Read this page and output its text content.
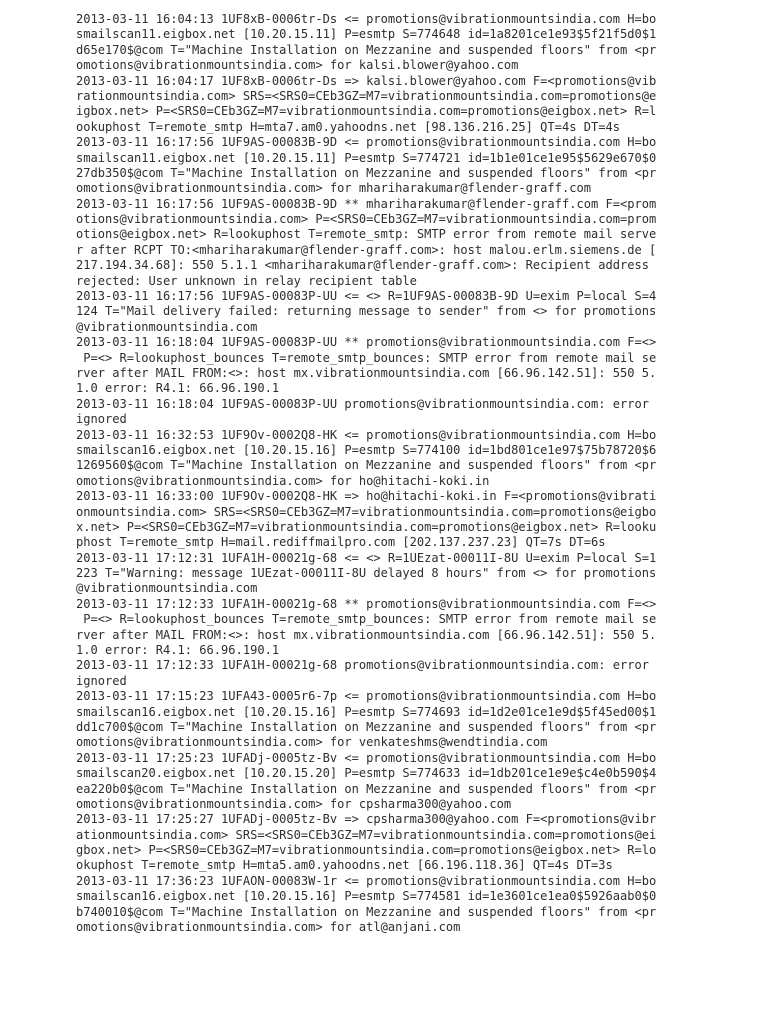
2013-03-11 16:04:13 1UF8xB-0006tr-Ds <= promotions@vibrationmountsindia.com H=bo
smailscan11.eigbox.net [10.20.15.11] P=esmtp S=774648 id=1a8201ce1e93$5f21f5d0$1
d65e170$@com T="Machine Installation on Mezzanine and suspended floors" from <pr
omotions@vibrationmountsindia.com> for kalsi.blower@yahoo.com
2013-03-11 16:04:17 1UF8xB-0006tr-Ds => kalsi.blower@yahoo.com F=<promotions@vib
rationmountsindia.com> SRS=<SRS0=CEb3GZ=M7=vibrationmountsindia.com=promotions@e
igbox.net> P=<SRS0=CEb3GZ=M7=vibrationmountsindia.com=promotions@eigbox.net> R=l
ookuphost T=remote_smtp H=mta7.am0.yahoodns.net [98.136.216.25] QT=4s DT=4s
2013-03-11 16:17:56 1UF9AS-00083B-9D <= promotions@vibrationmountsindia.com H=bo
smailscan11.eigbox.net [10.20.15.11] P=esmtp S=774721 id=1b1e01ce1e95$5629e670$0
27db350$@com T="Machine Installation on Mezzanine and suspended floors" from <pr
omotions@vibrationmountsindia.com> for mhariharakumar@flender-graff.com
2013-03-11 16:17:56 1UF9AS-00083B-9D ** mhariharakumar@flender-graff.com F=<prom
otions@vibrationmountsindia.com> P=<SRS0=CEb3GZ=M7=vibrationmountsindia.com=prom
otions@eigbox.net> R=lookuphost T=remote_smtp: SMTP error from remote mail serve
r after RCPT TO:<mhariharakumar@flender-graff.com>: host malou.erlm.siemens.de [
217.194.34.68]: 550 5.1.1 <mhariharakumar@flender-graff.com>: Recipient address
rejected: User unknown in relay recipient table
2013-03-11 16:17:56 1UF9AS-00083P-UU <= <> R=1UF9AS-00083B-9D U=exim P=local S=4
124 T="Mail delivery failed: returning message to sender" from <> for promotions
@vibrationmountsindia.com
2013-03-11 16:18:04 1UF9AS-00083P-UU ** promotions@vibrationmountsindia.com F=<>
P=<> R=lookuphost_bounces T=remote_smtp_bounces: SMTP error from remote mail se
rver after MAIL FROM:<>: host mx.vibrationmountsindia.com [66.96.142.51]: 550 5.
1.0 error: R4.1: 66.96.190.1
2013-03-11 16:18:04 1UF9AS-00083P-UU promotions@vibrationmountsindia.com: error
ignored
2013-03-11 16:32:53 1UF9Ov-0002Q8-HK <= promotions@vibrationmountsindia.com H=bo
smailscan16.eigbox.net [10.20.15.16] P=esmtp S=774100 id=1bd801ce1e97$75b78720$6
1269560$@com T="Machine Installation on Mezzanine and suspended floors" from <pr
omotions@vibrationmountsindia.com> for ho@hitachi-koki.in
2013-03-11 16:33:00 1UF9Ov-0002Q8-HK => ho@hitachi-koki.in F=<promotions@vibrati
onmountsindia.com> SRS=<SRS0=CEb3GZ=M7=vibrationmountsindia.com=promotions@eigbo
x.net> P=<SRS0=CEb3GZ=M7=vibrationmountsindia.com=promotions@eigbox.net> R=looku
phost T=remote_smtp H=mail.rediffmailpro.com [202.137.237.23] QT=7s DT=6s
2013-03-11 17:12:31 1UFA1H-00021g-68 <= <> R=1UEzat-00011I-8U U=exim P=local S=1
223 T="Warning: message 1UEzat-00011I-8U delayed 8 hours" from <> for promotions
@vibrationmountsindia.com
2013-03-11 17:12:33 1UFA1H-00021g-68 ** promotions@vibrationmountsindia.com F=<>
P=<> R=lookuphost_bounces T=remote_smtp_bounces: SMTP error from remote mail se
rver after MAIL FROM:<>: host mx.vibrationmountsindia.com [66.96.142.51]: 550 5.
1.0 error: R4.1: 66.96.190.1
2013-03-11 17:12:33 1UFA1H-00021g-68 promotions@vibrationmountsindia.com: error
ignored
2013-03-11 17:15:23 1UFA43-0005r6-7p <= promotions@vibrationmountsindia.com H=bo
smailscan16.eigbox.net [10.20.15.16] P=esmtp S=774693 id=1d2e01ce1e9d$5f45ed00$1
dd1c700$@com T="Machine Installation on Mezzanine and suspended floors" from <pr
omotions@vibrationmountsindia.com> for venkateshms@wendtindia.com
2013-03-11 17:25:23 1UFADj-0005tz-Bv <= promotions@vibrationmountsindia.com H=bo
smailscan20.eigbox.net [10.20.15.20] P=esmtp S=774633 id=1db201ce1e9e$c4e0b590$4
ea220b0$@com T="Machine Installation on Mezzanine and suspended floors" from <pr
omotions@vibrationmountsindia.com> for cpsharma300@yahoo.com
2013-03-11 17:25:27 1UFADj-0005tz-Bv => cpsharma300@yahoo.com F=<promotions@vibr
ationmountsindia.com> SRS=<SRS0=CEb3GZ=M7=vibrationmountsindia.com=promotions@ei
gbox.net> P=<SRS0=CEb3GZ=M7=vibrationmountsindia.com=promotions@eigbox.net> R=lo
okuphost T=remote_smtp H=mta5.am0.yahoodns.net [66.196.118.36] QT=4s DT=3s
2013-03-11 17:36:23 1UFAON-00083W-1r <= promotions@vibrationmountsindia.com H=bo
smailscan16.eigbox.net [10.20.15.16] P=esmtp S=774581 id=1e3601ce1ea0$5926aab0$0
b740010$@com T="Machine Installation on Mezzanine and suspended floors" from <pr
omotions@vibrationmountsindia.com> for atl@anjani.com
